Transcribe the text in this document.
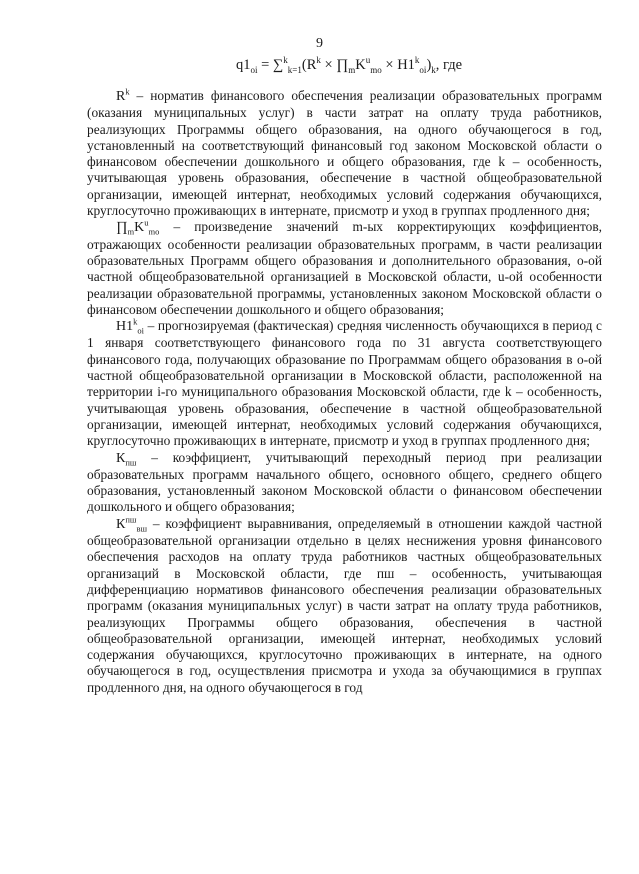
9
$q1_{oi} = \sum^k_{k=1}(R^k$ × $\prod_mK^u_{mo} \times H1^k_{oi})_k$, где

$R^k$ – норматив финансового обеспечения реализации образовательных программ (оказания муниципальных услуг) в части затрат на оплату труда работников, реализующих Программы общего образования, на одного обучающегося в год, установленный на соответствующий финансовый год законом Московской области о финансовом обеспечении дошкольного и общего образования, где k – особенность, учитывающая уровень образования, обеспечение в частной общеобразовательной организации, имеющей интернат, необходимых условий содержания обучающихся, круглосуточно проживающих в интернате, присмотр и уход в группах продленного дня;

$\prod_mK^u_{mo}$ – произведение значений m-ых корректирующих коэффициентов, отражающих особенности реализации образовательных программ, в части реализации образовательных Программ общего образования и дополнительного образования, о-ой частной общеобразовательной организацией в Московской области, u-ой особенности реализации образовательной программы, установленных законом Московской области о финансовом обеспечении дошкольного и общего образования;

$H1^k_{oi}$ – прогнозируемая (фактическая) средняя численность обучающихся в период с 1 января соответствующего финансового года по 31 августа соответствующего финансового года, получающих образование по Программам общего образования в о-ой частной общеобразовательной организации в Московской области, расположенной на территории i-го муниципального образования Московской области, где k – особенность, учитывающая уровень образования, обеспечение в частной общеобразовательной организации, имеющей интернат, необходимых условий содержания обучающихся, круглосуточно проживающих в интернате, присмотр и уход в группах продленного дня;

$К_{пш}$ – коэффициент, учитывающий переходный период при реализации образовательных программ начального общего, основного общего, среднего общего образования, установленный законом Московской области о финансовом обеспечении дошкольного и общего образования;

$К^{пш}_{вш}$ – коэффициент выравнивания, определяемый в отношении каждой частной общеобразовательной организации отдельно в целях неснижения уровня финансового обеспечения расходов на оплату труда работников частных общеобразовательных организаций в Московской области, где пш – особенность, учитывающая дифференциацию нормативов финансового обеспечения реализации образовательных программ (оказания муниципальных услуг) в части затрат на оплату труда работников, реализующих Программы общего образования, обеспечения в частной общеобразовательной организации, имеющей интернат, необходимых условий содержания обучающихся, круглосуточно проживающих в интернате, на одного обучающегося в год, осуществления присмотра и ухода за обучающимися в группах продленного дня, на одного обучающегося в год
